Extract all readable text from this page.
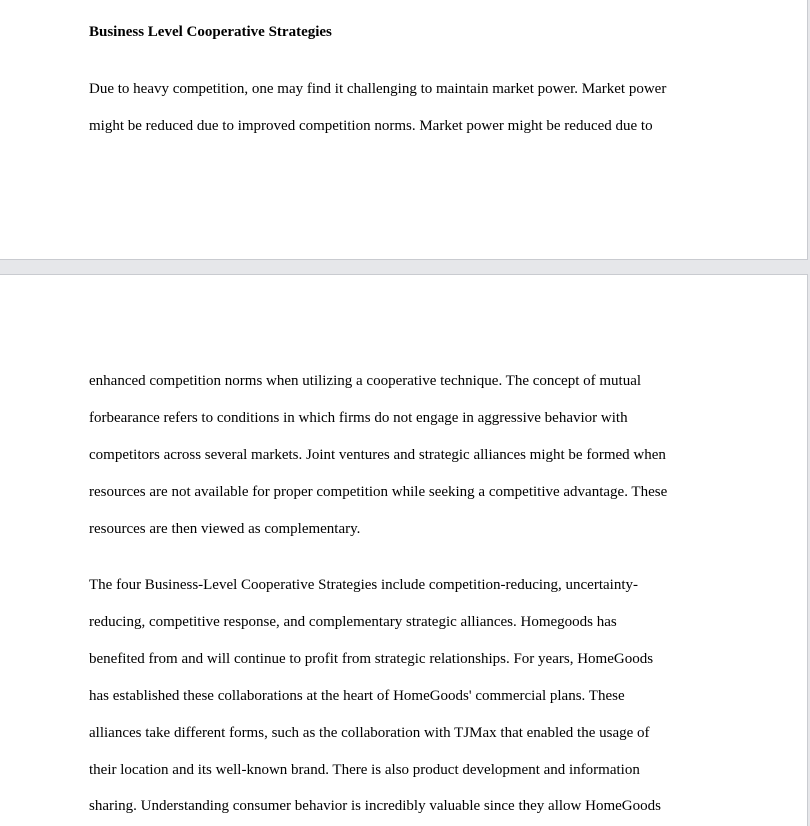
Business Level Cooperative Strategies
Due to heavy competition, one may find it challenging to maintain market power. Market power
might be reduced due to improved competition norms. Market power might be reduced due to
enhanced competition norms when utilizing a cooperative technique. The concept of mutual
forbearance refers to conditions in which firms do not engage in aggressive behavior with
competitors across several markets. Joint ventures and strategic alliances might be formed when
resources are not available for proper competition while seeking a competitive advantage. These
resources are then viewed as complementary.
The four Business-Level Cooperative Strategies include competition-reducing, uncertainty-
reducing, competitive response, and complementary strategic alliances. Homegoods has
benefited from and will continue to profit from strategic relationships. For years, HomeGoods
has established these collaborations at the heart of HomeGoods' commercial plans. These
alliances take different forms, such as the collaboration with TJMax that enabled the usage of
their location and its well-known brand. There is also product development and information
sharing. Understanding consumer behavior is incredibly valuable since they allow HomeGoods
